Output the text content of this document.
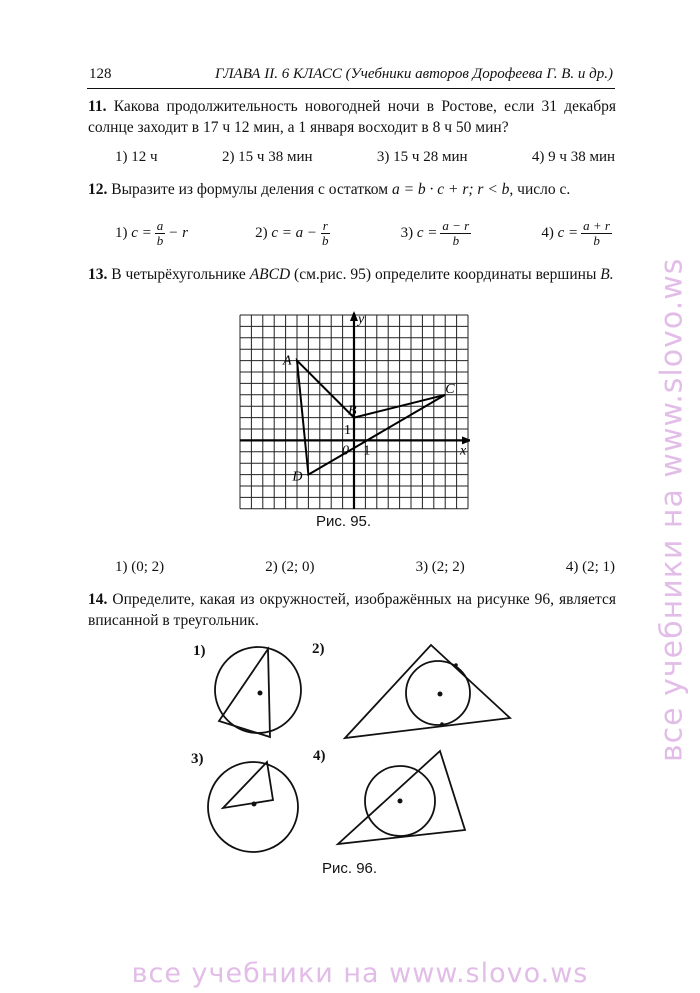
128	ГЛАВА II. 6 КЛАСС (Учебники авторов Дорофеева Г. В. и др.)
11. Какова продолжительность новогодней ночи в Ростове, если 31 декабря солнце заходит в 17 ч 12 мин, а 1 января восходит в 8 ч 50 мин?
1) 12 ч	2) 15 ч 38 мин	3) 15 ч 28 мин	4) 9 ч 38 мин
12. Выразите из формулы деления с остатком a = b · c + r; r < b, число c.
1)
$c = \frac{a}{b} - r$	2)
$c = a - \frac{r}{b}$	3)
$c = \frac{a - r}{b}$	4)
$c = \frac{a + r}{b}$
13. В четырёхугольнике ABCD (см.рис. 95) определите координаты вершины B.
y
x
0 1
1
A
B
C
D
Рис. 95.
1) (0; 2)	2) (2; 0)	3) (2; 2)	4) (2; 1)
14. Определите, какая из окружностей, изображённых на рисунке 96, является вписанной в треугольник.
1)	2)
3)	4)
Рис. 96.
все учебники на www.slovo.ws
все учебники на www.slovo.ws
